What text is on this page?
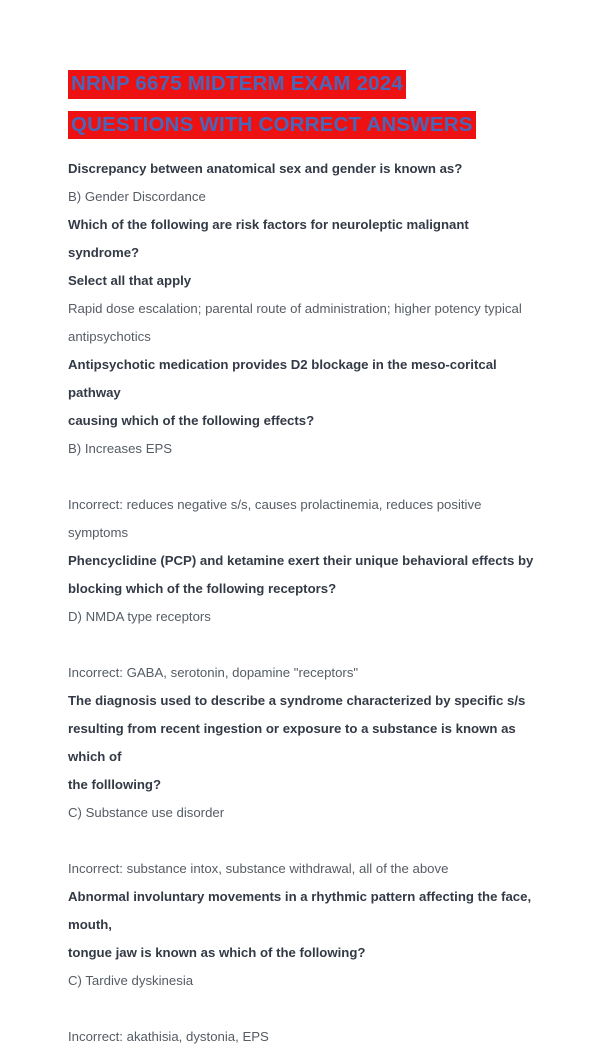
NRNP 6675 MIDTERM EXAM 2024
QUESTIONS WITH CORRECT ANSWERS
Discrepancy between anatomical sex and gender is known as?
B) Gender Discordance
Which of the following are risk factors for neuroleptic malignant syndrome?
Select all that apply
Rapid dose escalation; parental route of administration; higher potency typical
antipsychotics
Antipsychotic medication provides D2 blockage in the meso-coritcal pathway
causing which of the following effects?
B) Increases EPS
Incorrect: reduces negative s/s, causes prolactinemia, reduces positive symptoms
Phencyclidine (PCP) and ketamine exert their unique behavioral effects by
blocking which of the following receptors?
D) NMDA type receptors
Incorrect: GABA, serotonin, dopamine "receptors"
The diagnosis used to describe a syndrome characterized by specific s/s
resulting from recent ingestion or exposure to a substance is known as which of
the folllowing?
C) Substance use disorder
Incorrect: substance intox, substance withdrawal, all of the above
Abnormal involuntary movements in a rhythmic pattern affecting the face, mouth,
tongue jaw is known as which of the following?
C) Tardive dyskinesia
Incorrect: akathisia, dystonia, EPS
